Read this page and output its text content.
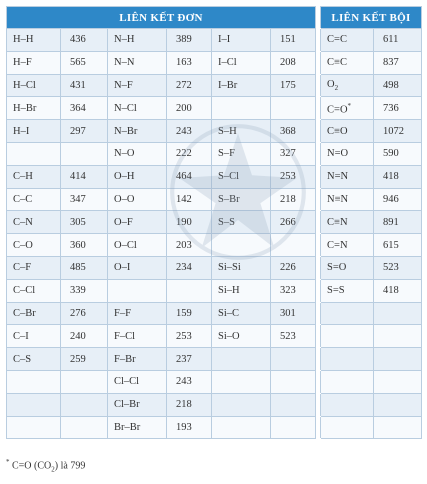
LIÊN KẾT ĐƠN							LIÊN KẾT BỘI	
H–H	436	N–H	389	I–I	151		C=C	611
H–F	565	N–N	163	I–Cl	208		C≡C	837
H–Cl	431	N–F	272	I–Br	175		$O_2$	498
H–Br	364	N–Cl	200				C=O*	736
H–I	297	N–Br	243	S–H	368		C≡O	1072
		N–O	222	S–F	327		N=O	590
C–H	414	O–H	464	S–Cl	253		N=N	418
C–C	347	O–O	142	S–Br	218		N≡N	946
C–N	305	O–F	190	S–S	266		C≡N	891
C–O	360	O–Cl	203				C=N	615
C–F	485	O–I	234	Si–Si	226		S=O	523
C–Cl	339			Si–H	323		S=S	418
C–Br	276	F–F	159	Si–C	301			
C–I	240	F–Cl	253	Si–O	523			
C–S	259	F–Br	237					
		Cl–Cl	243					
		Cl–Br	218					
		Br–Br	193					
* C=O $(CO_2)$ là 799
